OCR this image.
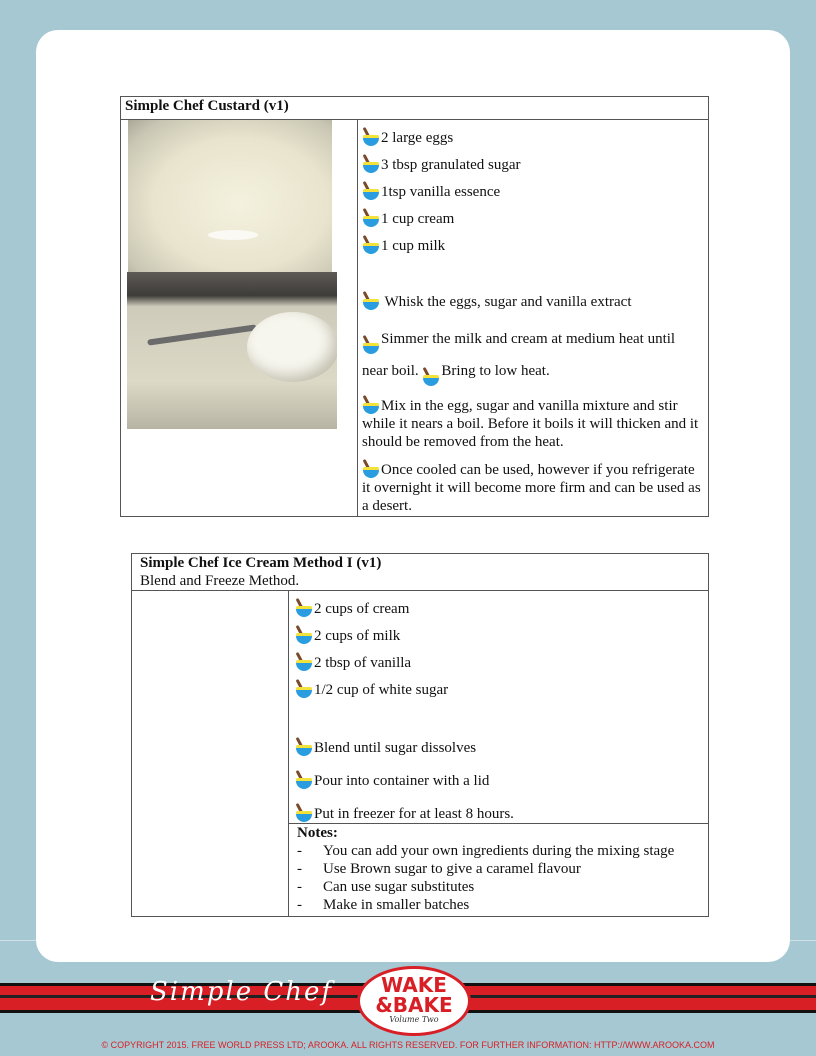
Simple Chef Custard (v1)

2 large eggs
3 tbsp granulated sugar
1tsp vanilla essence
1 cup cream
1 cup milk

Whisk the eggs, sugar and vanilla extract

Simmer the milk and cream at medium heat until near boil.
Bring to low heat.

Mix in the egg, sugar and vanilla mixture and stir while it nears a boil. Before it boils it will thicken and it should be removed from the heat.

Once cooled can be used, however if you refrigerate it overnight it will become more firm and can be used as a desert.

Simple Chef Ice Cream Method I (v1)
Blend and Freeze Method.

2 cups of cream
2 cups of milk
2 tbsp of vanilla
1/2 cup of white sugar
Blend until sugar dissolves
Pour into container with a lid
Put in freezer for at least 8 hours.

Notes:
- You can add your own ingredients during the mixing stage
- Use Brown sugar to give a caramel flavour
- Can use sugar substitutes
- Make in smaller batches
Simple Chef	WAKE
&BAKE
Volume Two
© COPYRIGHT 2015. FREE WORLD PRESS LTD; AROOKA. ALL RIGHTS RESERVED. FOR FURTHER INFORMATION: HTTP://WWW.AROOKA.COM
